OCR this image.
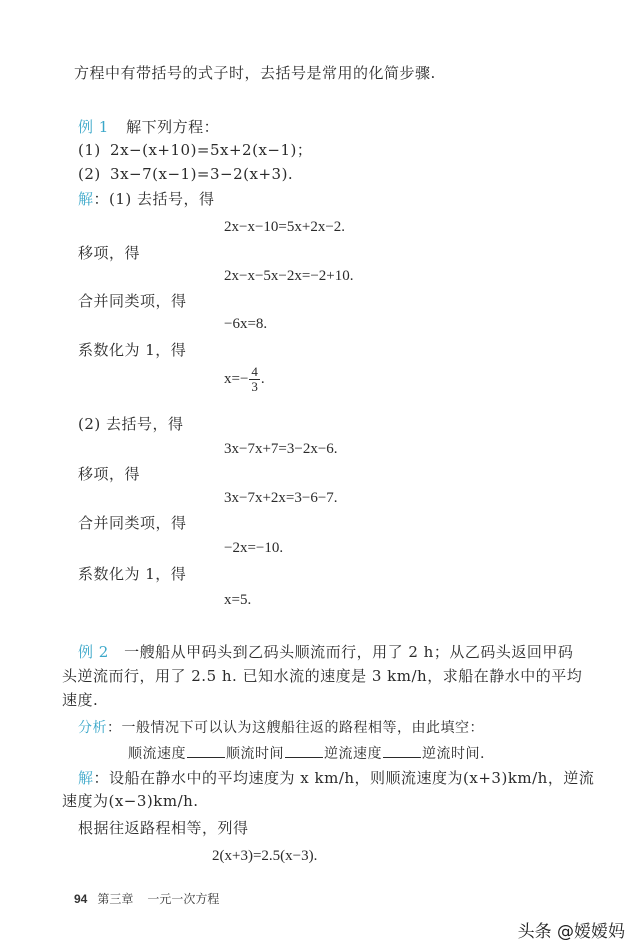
方程中有带括号的式子时，去括号是常用的化简步骤.
例 1 解下列方程：
(1) 2x−(x+10)=5x+2(x−1)；
(2) 3x−7(x−1)=3−2(x+3).
解：(1) 去括号，得
2x−x−10=5x+2x−2.
移项，得
2x−x−5x−2x=−2+10.
合并同类项，得
−6x=8.
系数化为 1，得
$x=- \frac{4}{3}$ .
(2) 去括号，得
3x−7x+7=3−2x−6.
移项，得
3x−7x+2x=3−6−7.
合并同类项，得
−2x=−10.
系数化为 1，得
x=5.
例 2 一艘船从甲码头到乙码头顺流而行，用了 2 h；从乙码头返回甲码
头逆流而行，用了 2.5 h. 已知水流的速度是 3 km/h，求船在静水中的平均
速度.
分析：一般情况下可以认为这艘船往返的路程相等，由此填空：
顺流速度	顺流时间	逆流速度	逆流时间.
解：设船在静水中的平均速度为 x km/h，则顺流速度为(x+3)km/h，逆流
速度为(x−3)km/h.
根据往返路程相等，列得
2(x+3)=2.5(x−3).
94 第三章 一元一次方程
头条 @嫒嫒妈
